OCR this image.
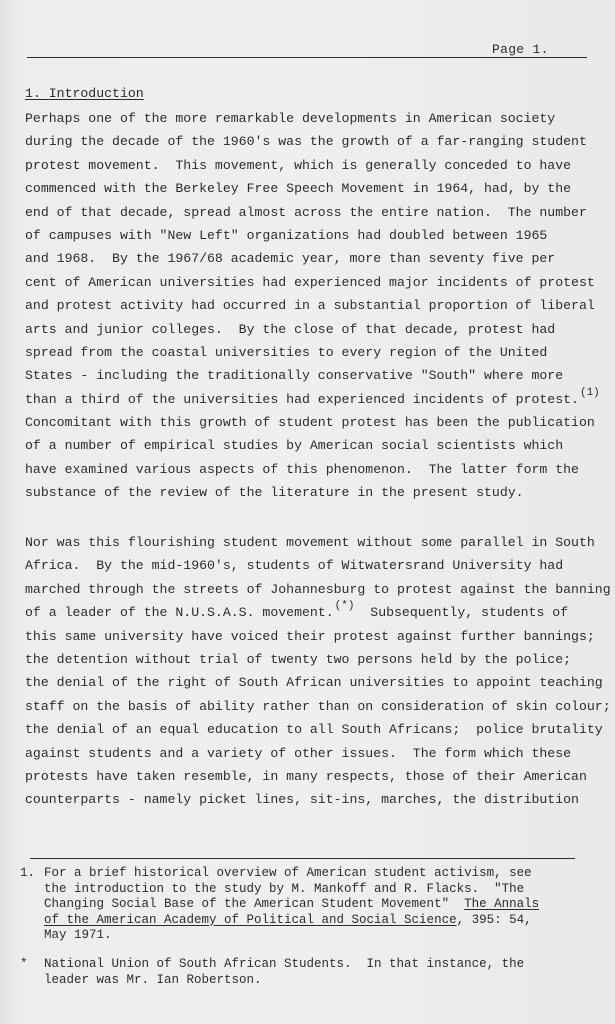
Page 1.
1. Introduction
Perhaps one of the more remarkable developments in American society
during the decade of the 1960's was the growth of a far-ranging student
protest movement.  This movement, which is generally conceded to have
commenced with the Berkeley Free Speech Movement in 1964, had, by the
end of that decade, spread almost across the entire nation.  The number
of campuses with "New Left" organizations had doubled between 1965
and 1968.  By the 1967/68 academic year, more than seventy five per
cent of American universities had experienced major incidents of protest
and protest activity had occurred in a substantial proportion of liberal
arts and junior colleges.  By the close of that decade, protest had
spread from the coastal universities to every region of the United
States - including the traditionally conservative "South" where more
than a third of the universities had experienced incidents of protest.(1)
Concomitant with this growth of student protest has been the publication
of a number of empirical studies by American social scientists which
have examined various aspects of this phenomenon.  The latter form the
substance of the review of the literature in the present study.
Nor was this flourishing student movement without some parallel in South
Africa.  By the mid-1960's, students of Witwatersrand University had
marched through the streets of Johannesburg to protest against the banning
of a leader of the N.U.S.A.S. movement.(*)  Subsequently, students of
this same university have voiced their protest against further bannings;
the detention without trial of twenty two persons held by the police;
the denial of the right of South African universities to appoint teaching
staff on the basis of ability rather than on consideration of skin colour;
the denial of an equal education to all South Africans;  police brutality
against students and a variety of other issues.  The form which these
protests have taken resemble, in many respects, those of their American
counterparts - namely picket lines, sit-ins, marches, the distribution
1. For a brief historical overview of American student activism, see
the introduction to the study by M. Mankoff and R. Flacks.  "The
Changing Social Base of the American Student Movement"  The Annals
of the American Academy of Political and Social Science, 395: 54,
May 1971.
* National Union of South African Students.  In that instance, the
leader was Mr. Ian Robertson.
